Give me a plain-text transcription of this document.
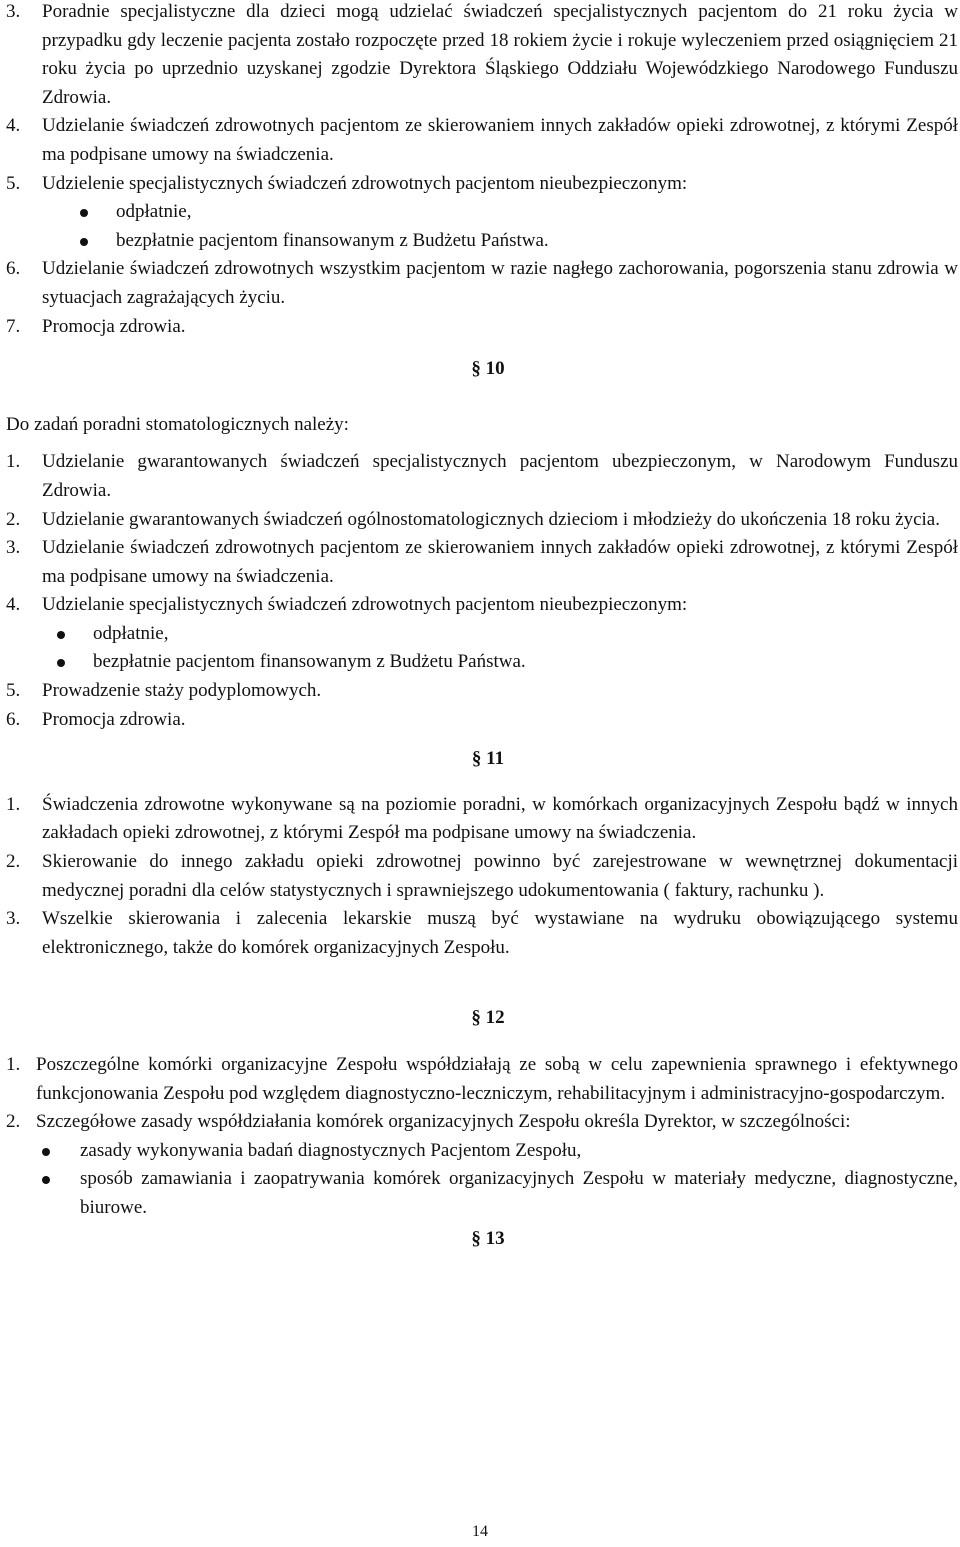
3.	Poradnie specjalistyczne dla dzieci mogą udzielać świadczeń specjalistycznych pacjentom do 21 roku życia w przypadku gdy leczenie pacjenta zostało rozpoczęte przed 18 rokiem życie i rokuje wyleczeniem przed osiągnięciem 21 roku życia po uprzednio uzyskanej zgodzie Dyrektora Śląskiego Oddziału Wojewódzkiego Narodowego Funduszu Zdrowia.
4.	Udzielanie świadczeń zdrowotnych pacjentom ze skierowaniem innych zakładów opieki zdrowotnej, z którymi Zespół ma podpisane umowy na świadczenia.
5.	Udzielenie specjalistycznych świadczeń zdrowotnych pacjentom nieubezpieczonym:
odpłatnie,
bezpłatnie pacjentom finansowanym z Budżetu Państwa.
6.	Udzielanie świadczeń zdrowotnych wszystkim pacjentom w razie nagłego zachorowania, pogorszenia stanu zdrowia w sytuacjach zagrażających życiu.
7.	Promocja zdrowia.
§ 10
Do zadań poradni stomatologicznych należy:
1.	Udzielanie gwarantowanych świadczeń specjalistycznych pacjentom ubezpieczonym, w Narodowym Funduszu Zdrowia.
2.	Udzielanie gwarantowanych świadczeń ogólnostomatologicznych dzieciom i młodzieży do ukończenia 18 roku życia.
3.	Udzielanie świadczeń zdrowotnych pacjentom ze skierowaniem innych zakładów opieki zdrowotnej, z którymi Zespół ma podpisane umowy na świadczenia.
4.	Udzielanie specjalistycznych świadczeń zdrowotnych pacjentom nieubezpieczonym:
odpłatnie,
bezpłatnie pacjentom finansowanym z Budżetu Państwa.
5.	Prowadzenie staży podyplomowych.
6.	Promocja zdrowia.
§ 11
1.	Świadczenia zdrowotne wykonywane są na poziomie poradni, w komórkach organizacyjnych Zespołu bądź w innych zakładach opieki zdrowotnej, z którymi Zespół ma podpisane umowy na świadczenia.
2.	Skierowanie do innego zakładu opieki zdrowotnej powinno być zarejestrowane w wewnętrznej dokumentacji medycznej poradni dla celów statystycznych i sprawniejszego udokumentowania ( faktury, rachunku ).
3.	Wszelkie skierowania i zalecenia lekarskie muszą być wystawiane na wydruku obowiązującego systemu elektronicznego, także do komórek organizacyjnych Zespołu.
§ 12
1. Poszczególne komórki organizacyjne Zespołu współdziałają ze sobą w celu zapewnienia sprawnego i efektywnego funkcjonowania Zespołu pod względem diagnostyczno-leczniczym, rehabilitacyjnym i administracyjno-gospodarczym.
2. Szczegółowe zasady współdziałania komórek organizacyjnych Zespołu określa Dyrektor, w szczególności:
zasady wykonywania badań diagnostycznych Pacjentom Zespołu,
sposób zamawiania i zaopatrywania komórek organizacyjnych Zespołu w materiały medyczne, diagnostyczne, biurowe.
§ 13
14
